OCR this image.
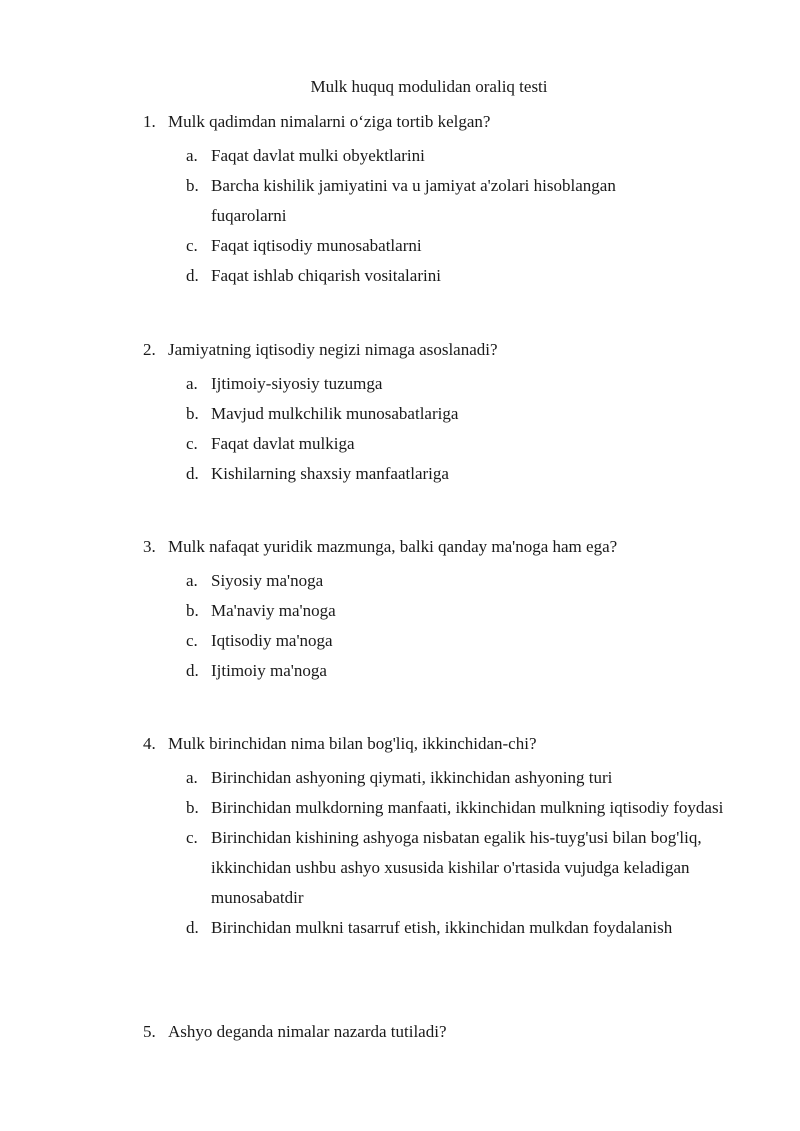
Mulk huquq modulidan oraliq testi
1. Mulk qadimdan nimalarni o‘ziga tortib kelgan?
a. Faqat davlat mulki obyektlarini
b. Barcha kishilik jamiyatini va u jamiyat a'zolari hisoblangan fuqarolarni
c. Faqat iqtisodiy munosabatlarni
d. Faqat ishlab chiqarish vositalarini
2. Jamiyatning iqtisodiy negizi nimaga asoslanadi?
a. Ijtimoiy-siyosiy tuzumga
b. Mavjud mulkchilik munosabatlariga
c. Faqat davlat mulkiga
d. Kishilarning shaxsiy manfaatlariga
3. Mulk nafaqat yuridik mazmunga, balki qanday ma'noga ham ega?
a. Siyosiy ma'noga
b. Ma'naviy ma'noga
c. Iqtisodiy ma'noga
d. Ijtimoiy ma'noga
4. Mulk birinchidan nima bilan bog'liq, ikkinchidan-chi?
a. Birinchidan ashyoning qiymati, ikkinchidan ashyoning turi
b. Birinchidan mulkdorning manfaati, ikkinchidan mulkning iqtisodiy foydasi
c. Birinchidan kishining ashyoga nisbatan egalik his-tuyg'usi bilan bog'liq, ikkinchidan ushbu ashyo xususida kishilar o'rtasida vujudga keladigan munosabatdir
d. Birinchidan mulkni tasarruf etish, ikkinchidan mulkdan foydalanish
5. Ashyo deganda nimalar nazarda tutiladi?
